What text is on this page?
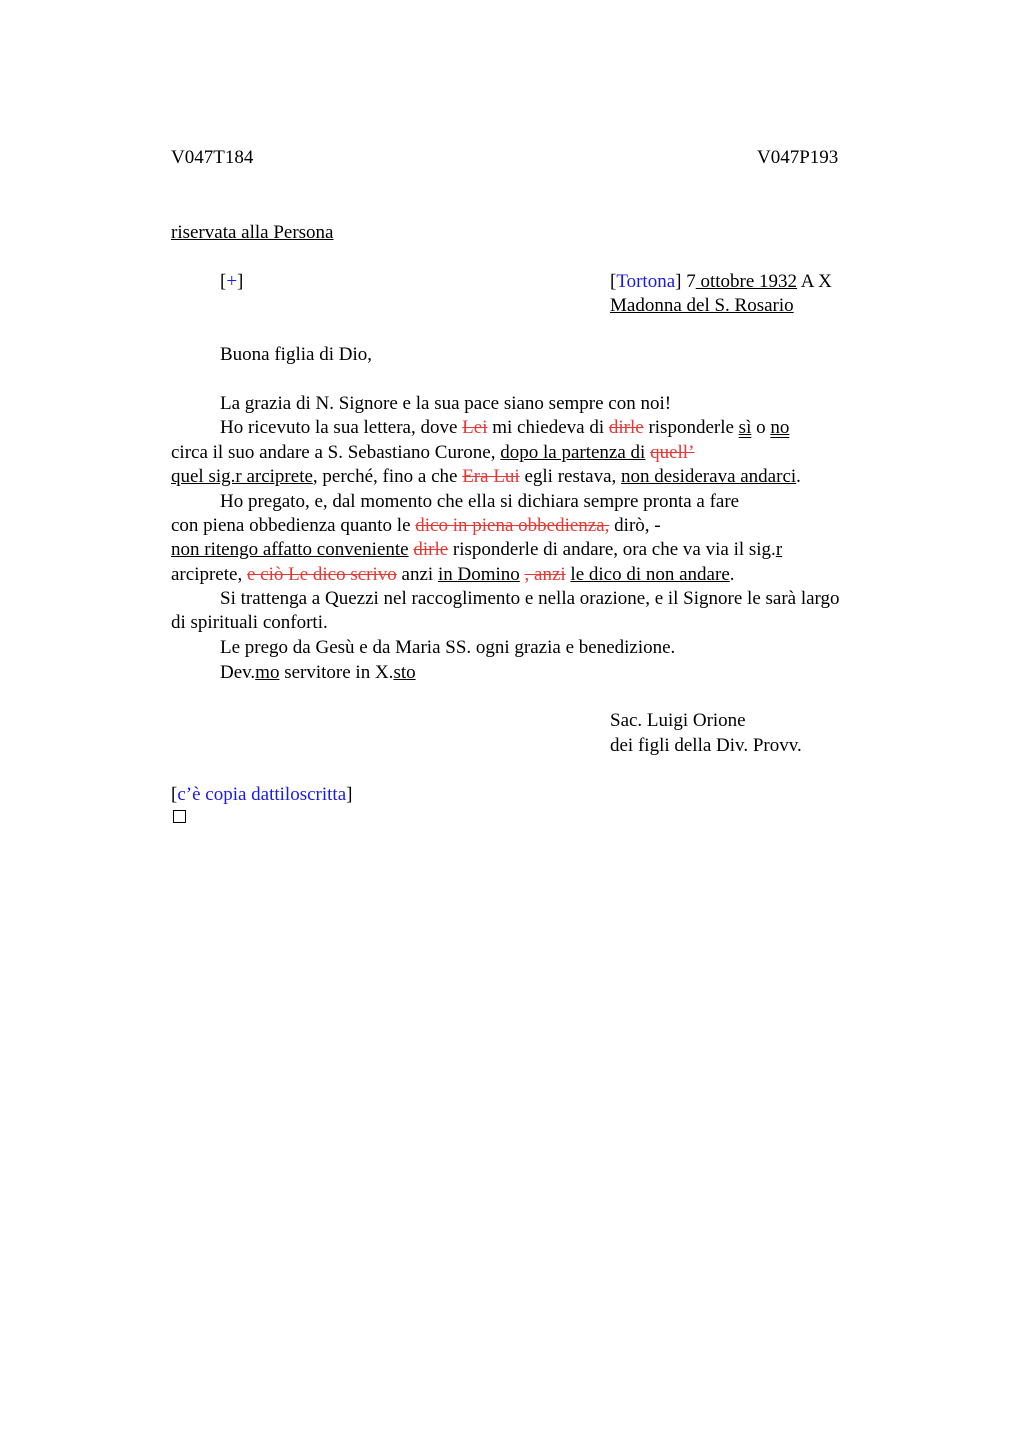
V047T184	V047P193
riservata alla Persona
[+]	[Tortona] 7 ottobre 1932 A X
Madonna del S. Rosario
Buona figlia di Dio,
La grazia di N. Signore e la sua pace siano sempre con noi!
Ho ricevuto la sua lettera, dove Lei mi chiedeva di dirle risponderle sì o no
circa il suo andare a S. Sebastiano Curone, dopo la partenza di quell’
quel sig.r arciprete, perché, fino a che Era Lui egli restava, non desiderava andarci.
Ho pregato, e, dal momento che ella si dichiara sempre pronta a fare
con piena obbedienza quanto le dico in piena obbedienza, dirò, -
non ritengo affatto conveniente dirle risponderle di andare, ora che va via il sig.r
arciprete, e ciò Le dico scrivo anzi in Domino , anzi le dico di non andare.
Si trattenga a Quezzi nel raccoglimento e nella orazione, e il Signore le sarà largo
di spirituali conforti.
Le prego da Gesù e da Maria SS. ogni grazia e benedizione.
Dev.mo servitore in X.sto
Sac. Luigi Orione
dei figli della Div. Provv.
[c’è copia dattiloscritta]
